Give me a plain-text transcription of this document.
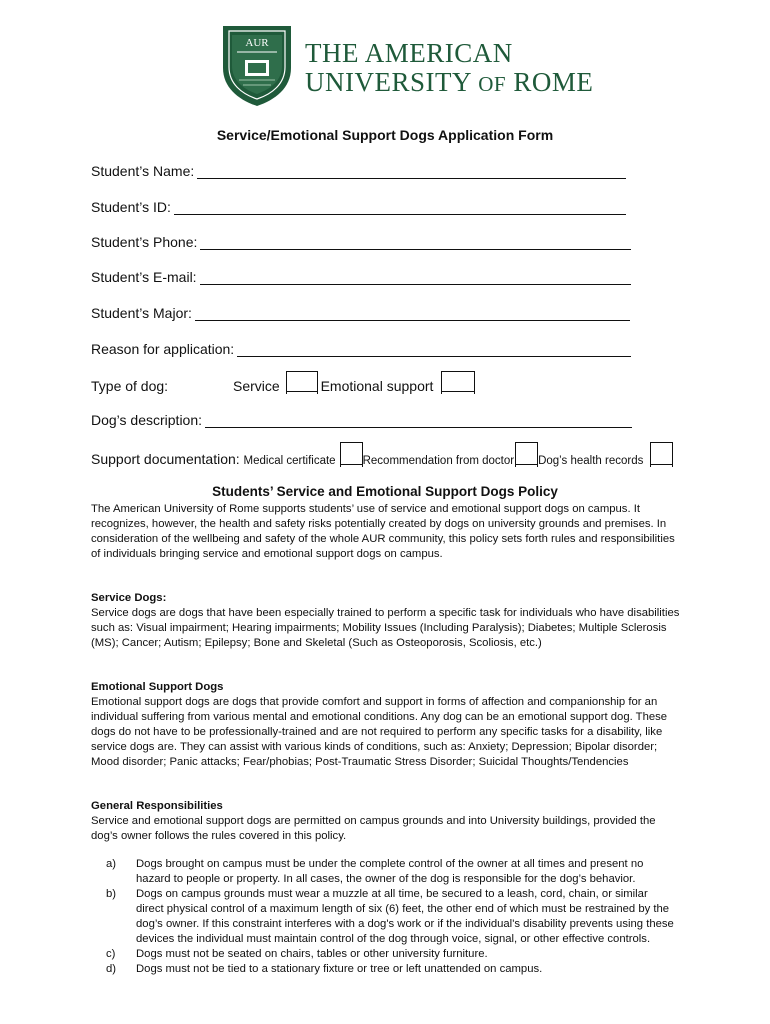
AUR THE AMERICAN
UNIVERSITY OF ROME
Service/Emotional Support Dogs Application Form
Student’s Name:
Student’s ID:
Student’s Phone:
Student’s E-mail:
Student’s Major:
Reason for application:
Type of dog:	Service	Emotional support
Dog’s description:
Support documentation: Medical certificate Recommendation from doctor Dog’s health records
Students’ Service and Emotional Support Dogs Policy
The American University of Rome supports students’ use of service and emotional support dogs on campus. It recognizes, however, the health and safety risks potentially created by dogs on university grounds and premises. In consideration of the wellbeing and safety of the whole AUR community, this policy sets forth rules and responsibilities of individuals bringing service and emotional support dogs on campus.
Service Dogs:
Service dogs are dogs that have been especially trained to perform a specific task for individuals who have disabilities such as: Visual impairment; Hearing impairments; Mobility Issues (Including Paralysis); Diabetes; Multiple Sclerosis (MS); Cancer; Autism; Epilepsy; Bone and Skeletal (Such as Osteoporosis, Scoliosis, etc.)
Emotional Support Dogs
Emotional support dogs are dogs that provide comfort and support in forms of affection and companionship for an individual suffering from various mental and emotional conditions. Any dog can be an emotional support dog. These dogs do not have to be professionally-trained and are not required to perform any specific tasks for a disability, like service dogs are. They can assist with various kinds of conditions, such as: Anxiety; Depression; Bipolar disorder; Mood disorder; Panic attacks; Fear/phobias; Post-Traumatic Stress Disorder; Suicidal Thoughts/Tendencies
General Responsibilities
Service and emotional support dogs are permitted on campus grounds and into University buildings, provided the dog’s owner follows the rules covered in this policy.
a)	Dogs brought on campus must be under the complete control of the owner at all times and present no hazard to people or property. In all cases, the owner of the dog is responsible for the dog’s behavior.
b)	Dogs on campus grounds must wear a muzzle at all time, be secured to a leash, cord, chain, or similar direct physical control of a maximum length of six (6) feet, the other end of which must be restrained by the dog’s owner. If this constraint interferes with a dog's work or if the individual's disability prevents using these devices the individual must maintain control of the dog through voice, signal, or other effective controls.
c)	Dogs must not be seated on chairs, tables or other university furniture.
d)	Dogs must not be tied to a stationary fixture or tree or left unattended on campus.
